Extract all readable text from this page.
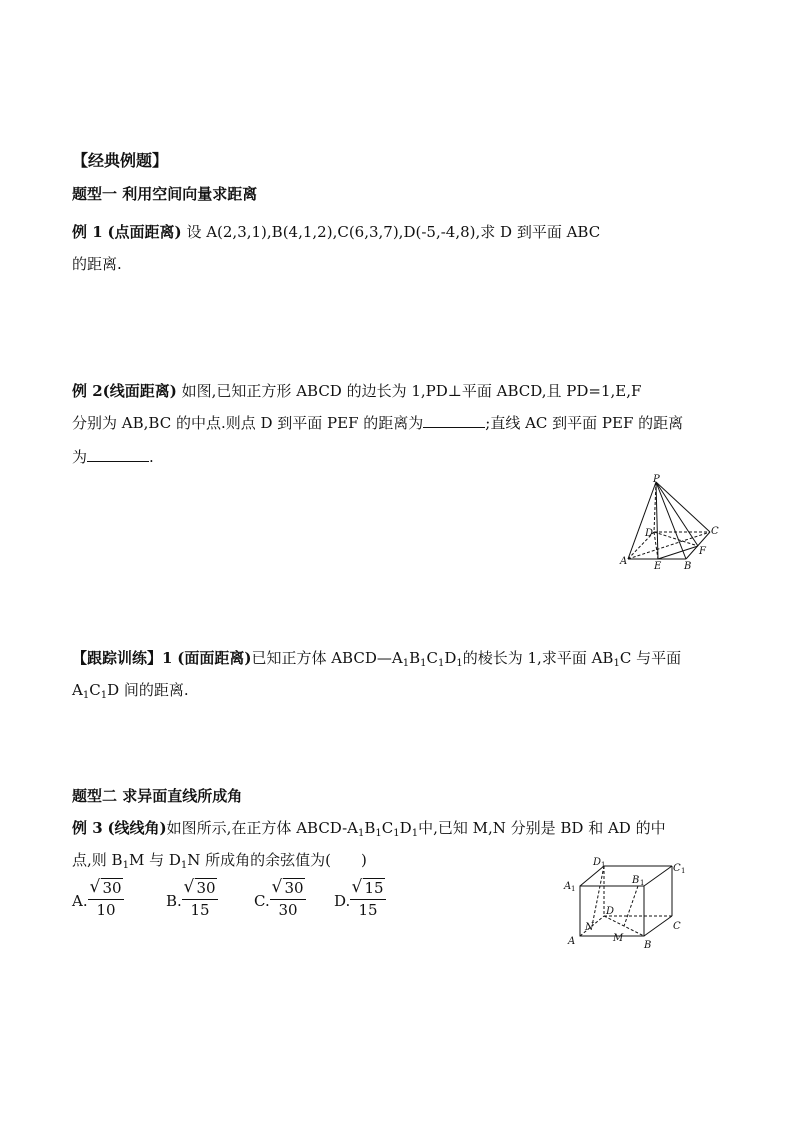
【经典例题】
题型一 利用空间向量求距离
例 1 (点面距离) 设 A(2,3,1),B(4,1,2),C(6,3,7),D(-5,-4,8),求 D 到平面 ABC
的距离.
例 2(线面距离) 如图,已知正方形 ABCD 的边长为 1,PD⊥平面 ABCD,且 PD=1,E,F
分别为 AB,BC 的中点.则点 D 到平面 PEF 的距离为	;直线 AC 到平面 PEF 的距离
为	.
P
D	C
A	E B
F
【跟踪训练】1 (面面距离)已知正方体 $ABCD—A_1B_1C_1D_1$的棱长为 1,求平面 $AB_1C$ 与平面
$A_1C_1D$ 间的距离.
题型二 求异面直线所成角
例 3 (线线角)如图所示,在正方体 ABCD-$A_1B_1C_1D_1$中,已知 M,N 分别是 BD 和 AD 的中
点,则 $B_1M$ 与 $D_1N$ 所成角的余弦值为(　　)
A.
√ 30
10	B.
√ 30
15	C.
√ 30
30	D.
√ 15
15
D 1	C 1
A 1
B 1
D
C
N
A	M
B
